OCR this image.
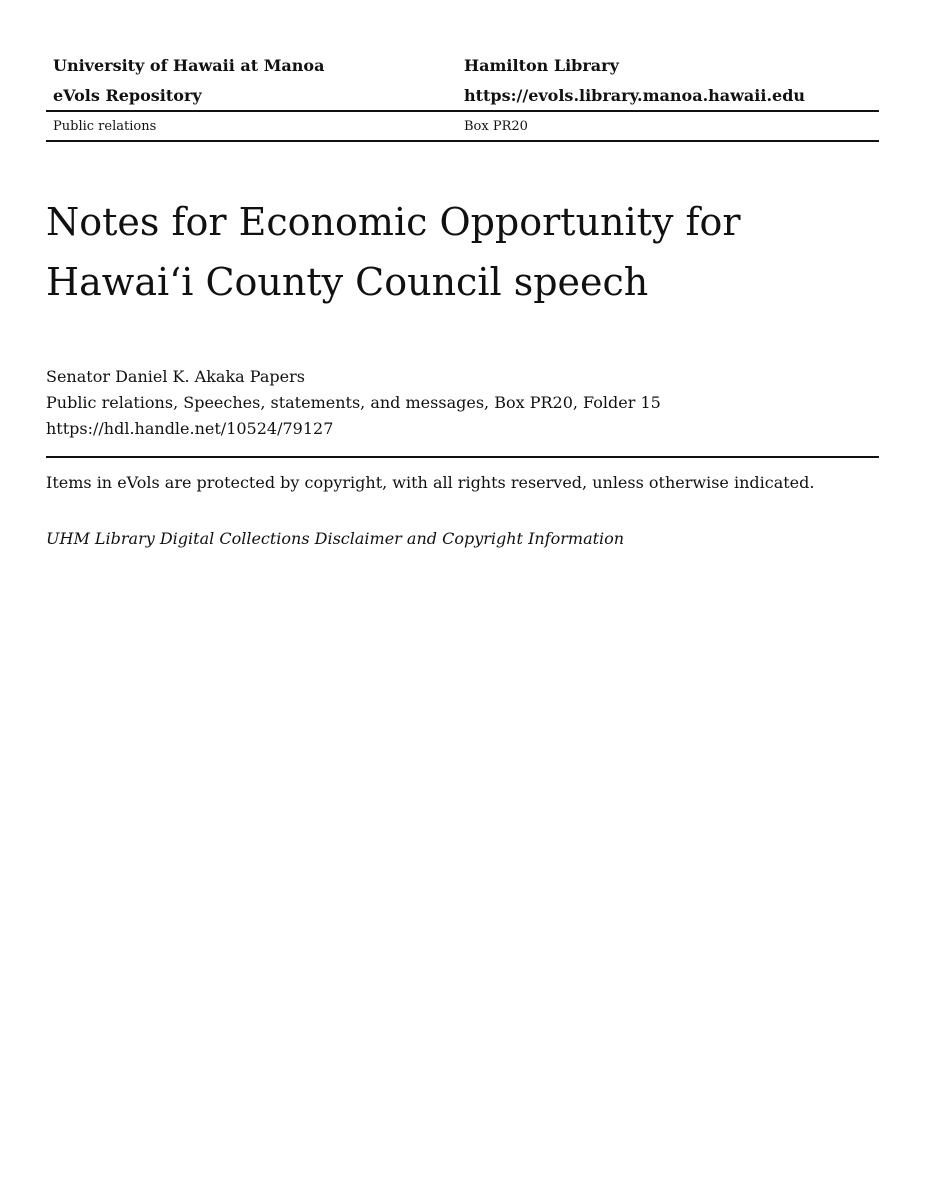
University of Hawaii at Manoa	Hamilton Library
eVols Repository	https://evols.library.manoa.hawaii.edu
Public relations	Box PR20
Notes for Economic Opportunity for
Hawai‘i County Council speech
Senator Daniel K. Akaka Papers
Public relations, Speeches, statements, and messages, Box PR20, Folder 15
https://hdl.handle.net/10524/79127
Items in eVols are protected by copyright, with all rights reserved, unless otherwise indicated.
UHM Library Digital Collections Disclaimer and Copyright Information
